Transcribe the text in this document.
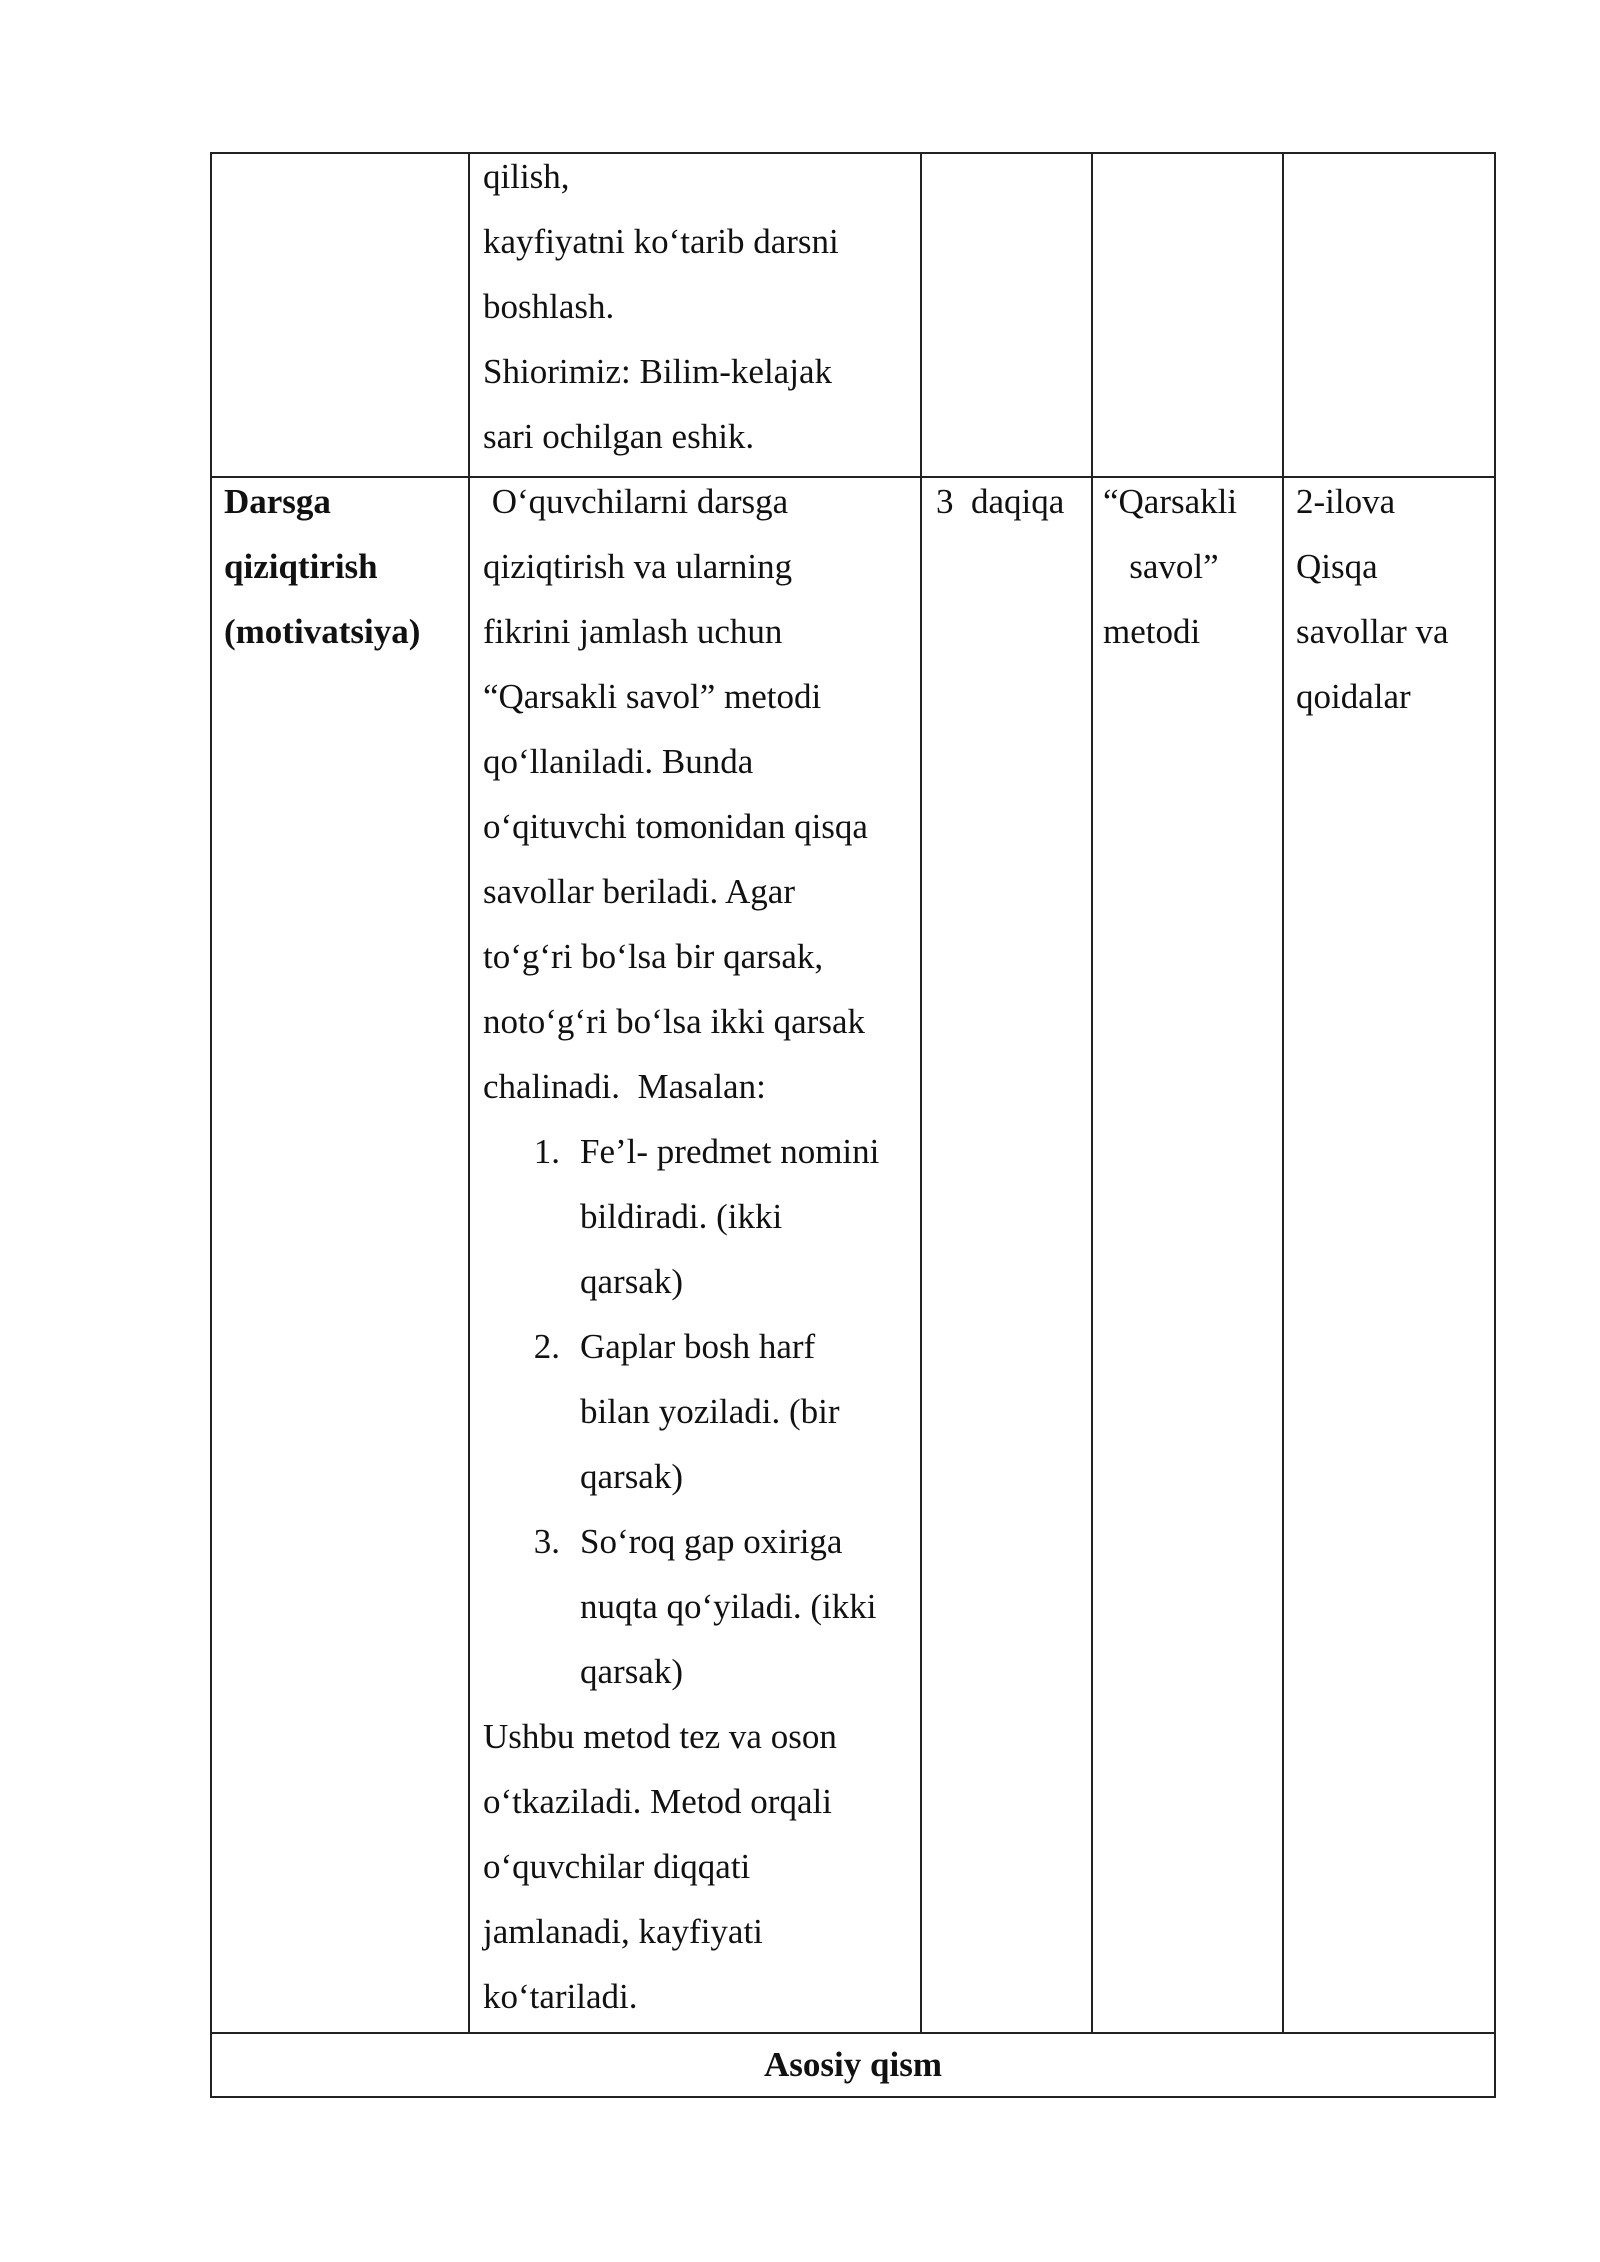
qilish,
kayfiyatni ko‘tarib darsni
boshlash.
Shiorimiz: Bilim-kelajak
sari ochilgan eshik.
Darsga
qiziqtirish
(motivatsiya)
O‘quvchilarni darsga
qiziqtirish va ularning
fikrini jamlash uchun
“Qarsakli savol” metodi
qo‘llaniladi. Bunda
o‘qituvchi tomonidan qisqa
savollar beriladi. Agar
to‘g‘ri bo‘lsa bir qarsak,
noto‘g‘ri bo‘lsa ikki qarsak
chalinadi.  Masalan:
1. Fe’l- predmet nomini
bildiradi. (ikki
qarsak)
2. Gaplar bosh harf
bilan yoziladi. (bir
qarsak)
3. So‘roq gap oxiriga
nuqta qo‘yiladi. (ikki
qarsak)
Ushbu metod tez va oson
o‘tkaziladi. Metod orqali
o‘quvchilar diqqati
jamlanadi, kayfiyati
ko‘tariladi.
3  daqiqa “Qarsakli
savol”
metodi
2-ilova
Qisqa
savollar va
qoidalar
Asosiy qism
